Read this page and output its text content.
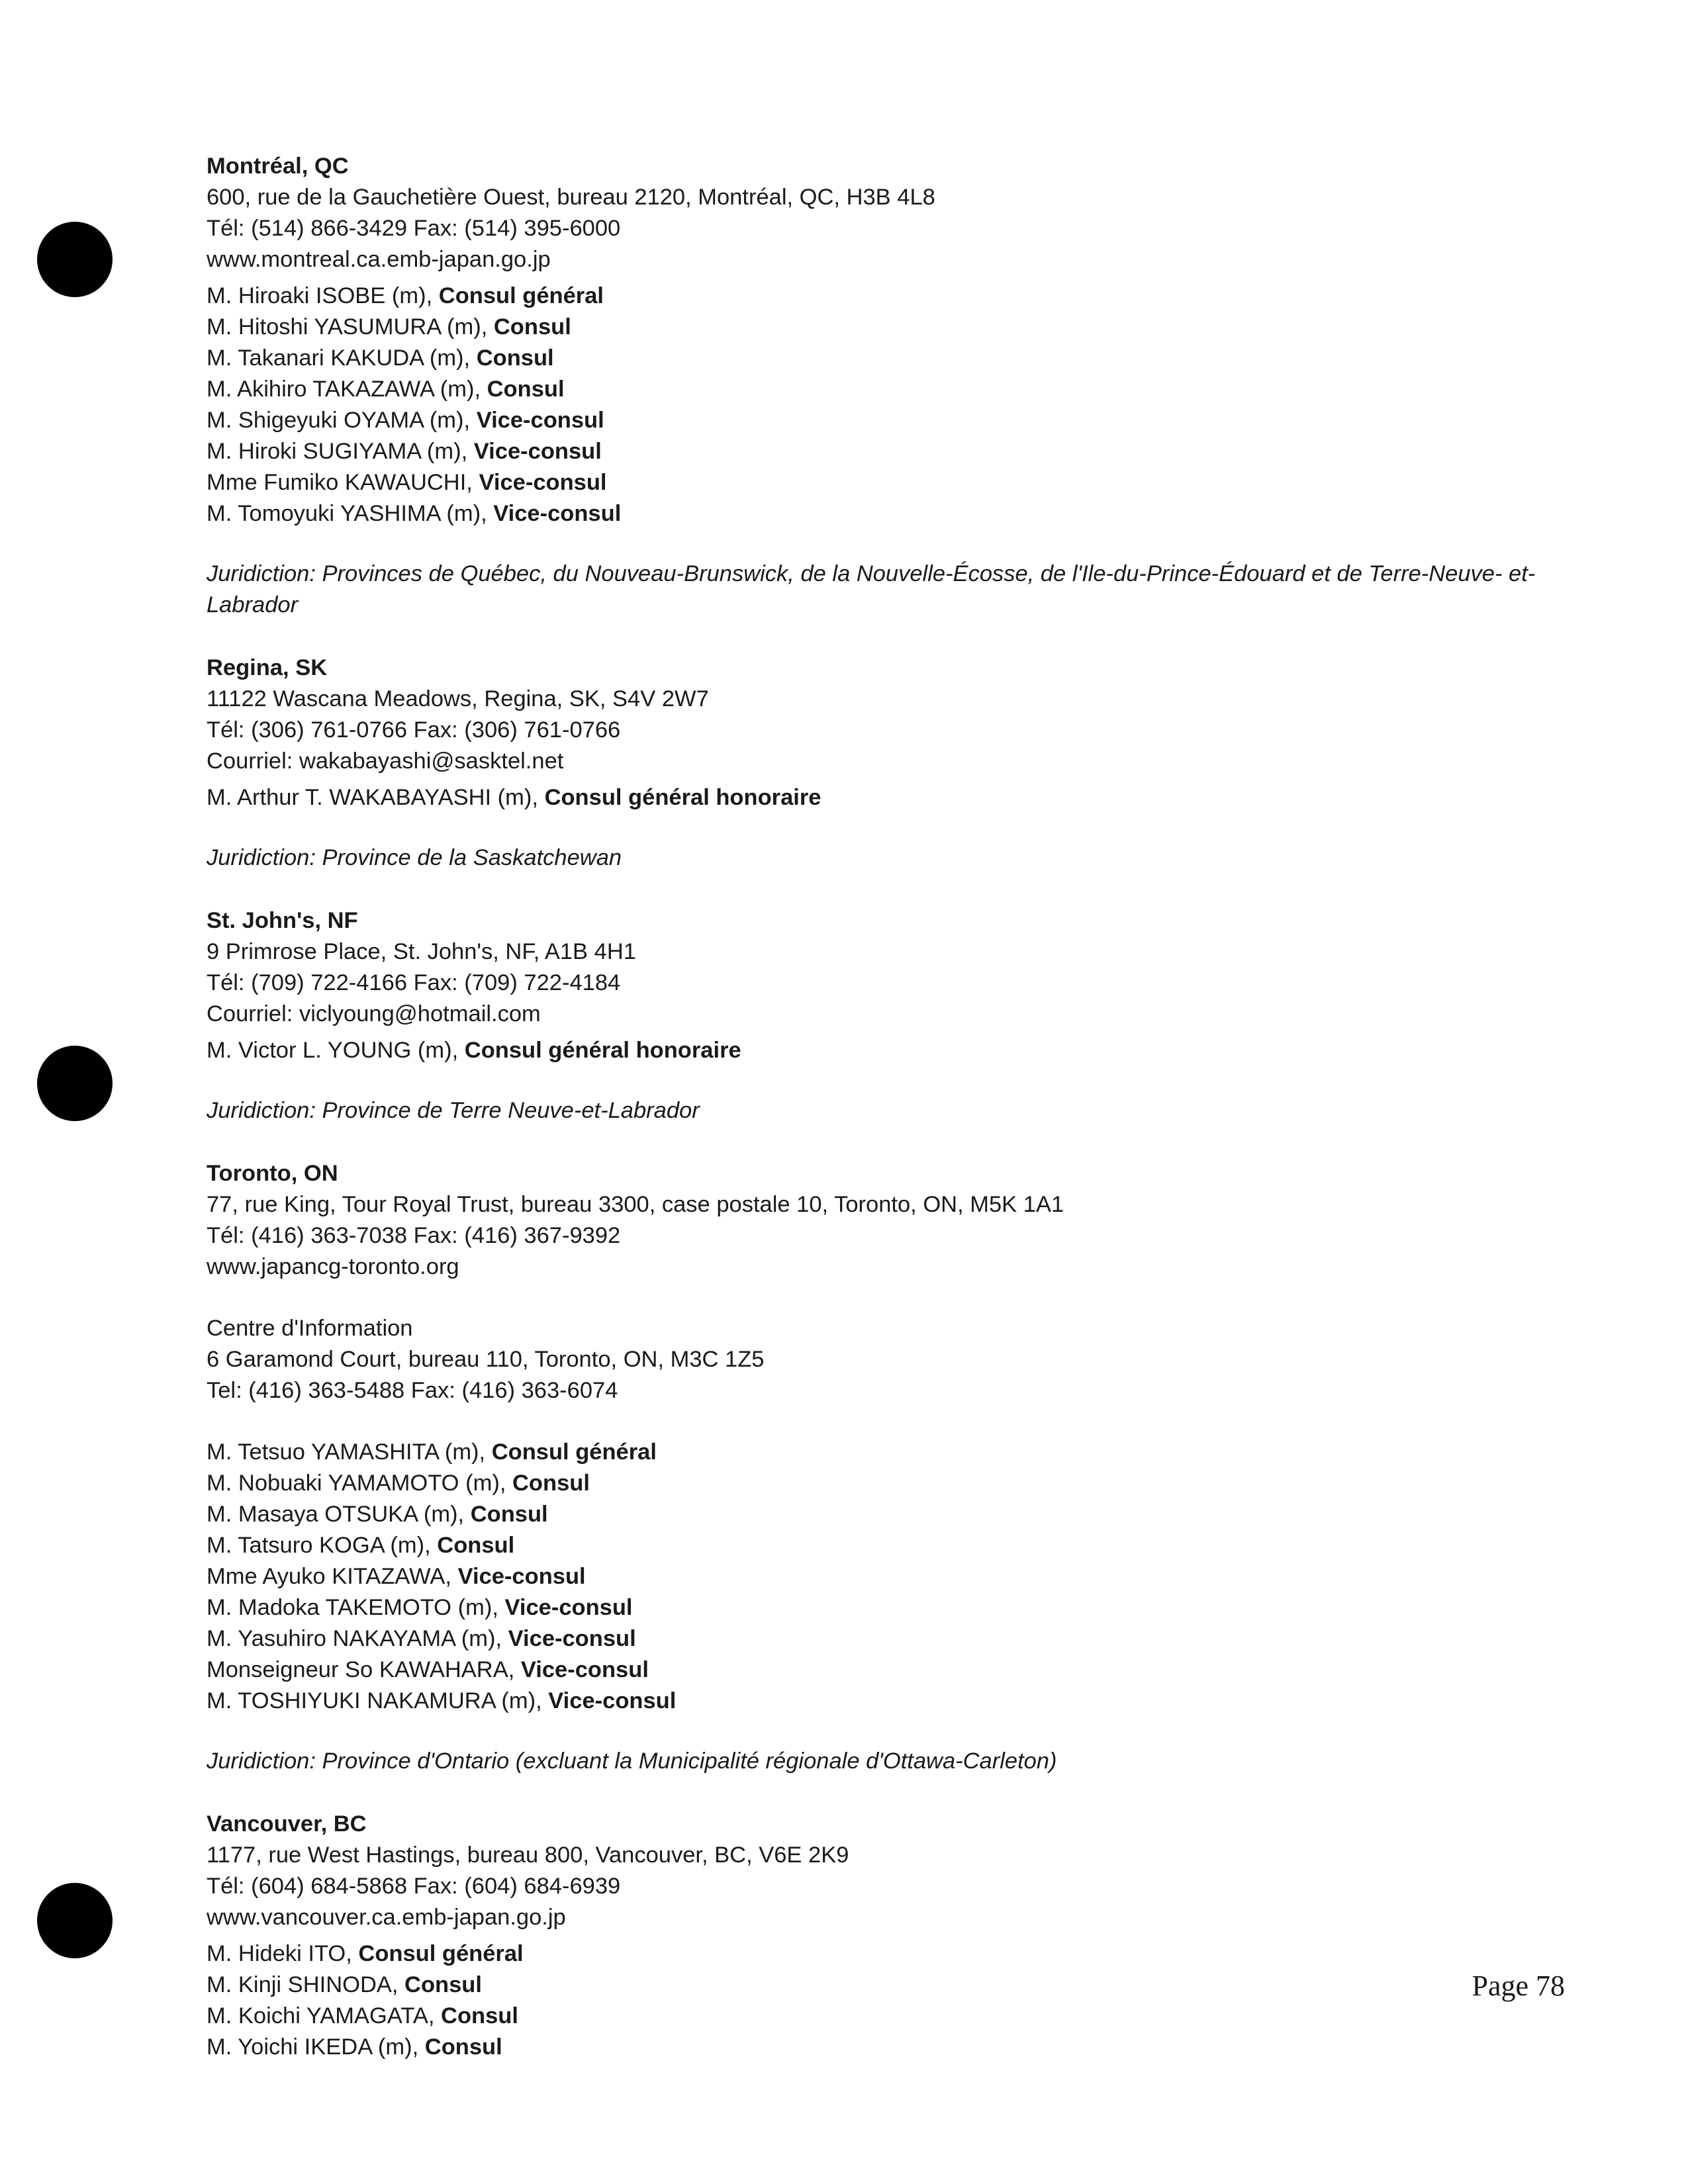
Montréal, QC
600, rue de la Gauchetière Ouest, bureau 2120, Montréal, QC, H3B 4L8
Tél: (514) 866-3429 Fax: (514) 395-6000
www.montreal.ca.emb-japan.go.jp
M. Hiroaki ISOBE (m), Consul général
M. Hitoshi YASUMURA (m), Consul
M. Takanari KAKUDA (m), Consul
M. Akihiro TAKAZAWA (m), Consul
M. Shigeyuki OYAMA (m), Vice-consul
M. Hiroki SUGIYAMA (m), Vice-consul
Mme Fumiko KAWAUCHI, Vice-consul
M. Tomoyuki YASHIMA (m), Vice-consul
Juridiction: Provinces de Québec, du Nouveau-Brunswick, de la Nouvelle-Écosse, de l'Ile-du-Prince-Édouard et de Terre-Neuve- et-Labrador
Regina, SK
11122 Wascana Meadows, Regina, SK, S4V 2W7
Tél: (306) 761-0766 Fax: (306) 761-0766
Courriel: wakabayashi@sasktel.net
M. Arthur T. WAKABAYASHI (m), Consul général honoraire
Juridiction: Province de la Saskatchewan
St. John's, NF
9 Primrose Place, St. John's, NF, A1B 4H1
Tél: (709) 722-4166 Fax: (709) 722-4184
Courriel: viclyoung@hotmail.com
M. Victor L. YOUNG (m), Consul général honoraire
Juridiction: Province de Terre Neuve-et-Labrador
Toronto, ON
77, rue King, Tour Royal Trust, bureau 3300, case postale 10, Toronto, ON, M5K 1A1
Tél: (416) 363-7038 Fax: (416) 367-9392
www.japancg-toronto.org
Centre d'Information
6 Garamond Court, bureau 110, Toronto, ON, M3C 1Z5
Tel: (416) 363-5488 Fax: (416) 363-6074
M. Tetsuo YAMASHITA (m), Consul général
M. Nobuaki YAMAMOTO (m), Consul
M. Masaya OTSUKA (m), Consul
M. Tatsuro KOGA (m), Consul
Mme Ayuko KITAZAWA, Vice-consul
M. Madoka TAKEMOTO (m), Vice-consul
M. Yasuhiro NAKAYAMA (m), Vice-consul
Monseigneur So KAWAHARA, Vice-consul
M. TOSHIYUKI NAKAMURA (m), Vice-consul
Juridiction: Province d'Ontario (excluant la Municipalité régionale d'Ottawa-Carleton)
Vancouver, BC
1177, rue West Hastings, bureau 800, Vancouver, BC, V6E 2K9
Tél: (604) 684-5868 Fax: (604) 684-6939
www.vancouver.ca.emb-japan.go.jp
M. Hideki ITO, Consul général
M. Kinji SHINODA, Consul
M. Koichi YAMAGATA, Consul
M. Yoichi IKEDA (m), Consul
Page 78
